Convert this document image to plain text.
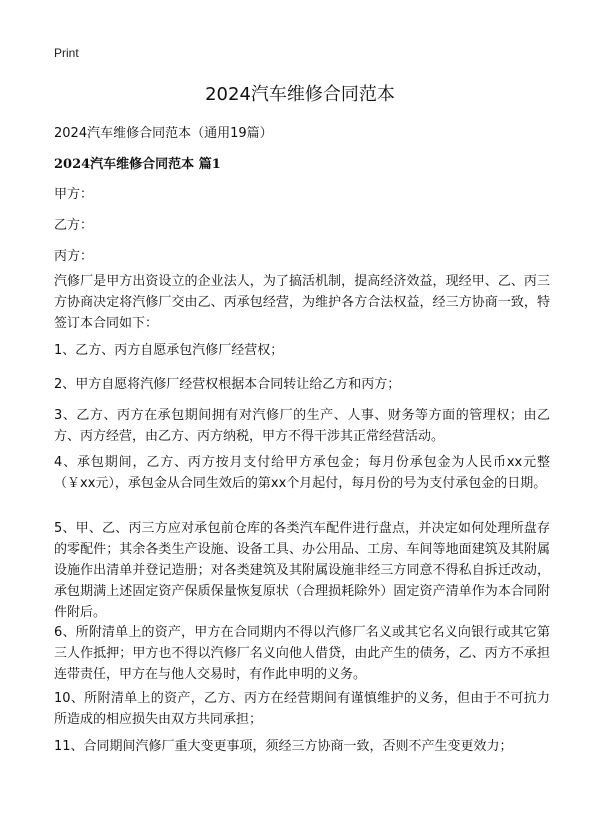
Print
2024汽车维修合同范本
2024汽车维修合同范本（通用19篇）
2024汽车维修合同范本 篇1
甲方：
乙方：
丙方：
汽修厂是甲方出资设立的企业法人，为了搞活机制，提高经济效益，现经甲、乙、丙三方协商决定将汽修厂交由乙、丙承包经营，为维护各方合法权益，经三方协商一致，特签订本合同如下：
1、乙方、丙方自愿承包汽修厂经营权；
2、甲方自愿将汽修厂经营权根据本合同转让给乙方和丙方；
3、乙方、丙方在承包期间拥有对汽修厂的生产、人事、财务等方面的管理权；由乙方、丙方经营，由乙方、丙方纳税，甲方不得干涉其正常经营活动。
4、承包期间，乙方、丙方按月支付给甲方承包金；每月份承包金为人民币xx元整（￥xx元），承包金从合同生效后的第xx个月起付，每月份的号为支付承包金的日期。
5、甲、乙、丙三方应对承包前仓库的各类汽车配件进行盘点，并决定如何处理所盘存的零配件；其余各类生产设施、设备工具、办公用品、工房、车间等地面建筑及其附属设施作出清单并登记造册；对各类建筑及其附属设施非经三方同意不得私自拆迁改动，承包期满上述固定资产保质保量恢复原状（合理损耗除外）固定资产清单作为本合同附件附后。
6、所附清单上的资产，甲方在合同期内不得以汽修厂名义或其它名义向银行或其它第三人作抵押；甲方也不得以汽修厂名义向他人借贷，由此产生的债务，乙、丙方不承担连带责任，甲方在与他人交易时，有作此申明的义务。
10、所附清单上的资产，乙方、丙方在经营期间有谨慎维护的义务，但由于不可抗力所造成的相应损失由双方共同承担；
11、合同期间汽修厂重大变更事项，须经三方协商一致，否则不产生变更效力；
